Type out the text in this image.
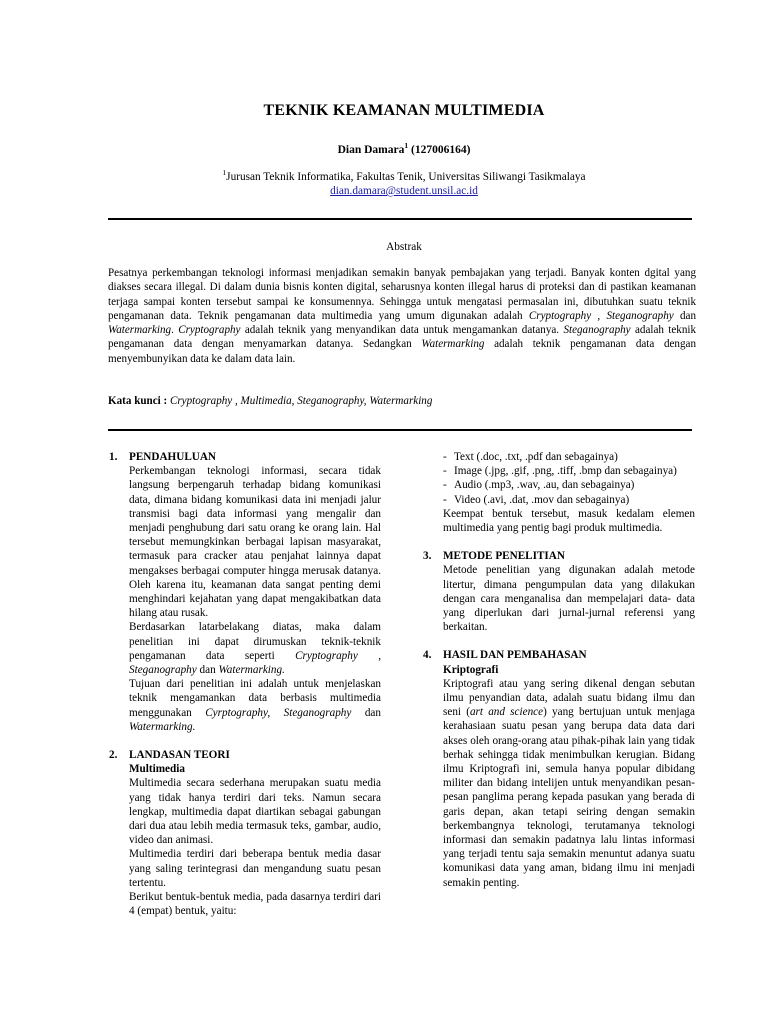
TEKNIK KEAMANAN MULTIMEDIA
Dian Damara$^1$ (127006164)
$^1$Jurusan Teknik Informatika, Fakultas Tenik, Universitas Siliwangi Tasikmalaya
dian.damara@student.unsil.ac.id
Abstrak
Pesatnya perkembangan teknologi informasi menjadikan semakin banyak pembajakan yang terjadi. Banyak konten dgital yang diakses secara illegal. Di dalam dunia bisnis konten digital, seharusnya konten illegal harus di proteksi dan di pastikan keamanan terjaga sampai konten tersebut sampai ke konsumennya. Sehingga untuk mengatasi permasalan ini, dibutuhkan suatu teknik pengamanan data. Teknik pengamanan data multimedia yang umum digunakan adalah Cryptography , Steganography dan Watermarking. Cryptography adalah teknik yang menyandikan data untuk mengamankan datanya. Steganography adalah teknik pengamanan data dengan menyamarkan datanya. Sedangkan Watermarking adalah teknik pengamanan data dengan menyembunyikan data ke dalam data lain.
Kata kunci : Cryptography , Multimedia, Steganography, Watermarking
1.	PENDAHULUAN

Perkembangan teknologi informasi, secara tidak langsung berpengaruh terhadap bidang komunikasi data, dimana bidang komunikasi data ini menjadi jalur transmisi bagi data informasi yang mengalir dan menjadi penghubung dari satu orang ke orang lain. Hal tersebut memungkinkan berbagai lapisan masyarakat, termasuk para cracker atau penjahat lainnya dapat mengakses berbagai computer hingga merusak datanya. Oleh karena itu, keamanan data sangat penting demi menghindari kejahatan yang dapat mengakibatkan data hilang atau rusak.

Berdasarkan latarbelakang diatas, maka dalam penelitian ini dapat dirumuskan teknik-teknik pengamanan data seperti Cryptography , Steganography dan Watermarking.

Tujuan dari penelitian ini adalah untuk menjelaskan teknik mengamankan data berbasis multimedia menggunakan Cyrptography, Steganography dan Watermarking.

2.	LANDASAN TEORI
Multimedia

Multimedia secara sederhana merupakan suatu media yang tidak hanya terdiri dari teks. Namun secara lengkap, multimedia dapat diartikan sebagai gabungan dari dua atau lebih media termasuk teks, gambar, audio, video dan animasi.

Multimedia terdiri dari beberapa bentuk media dasar yang saling terintegrasi dan mengandung suatu pesan tertentu.

Berikut bentuk-bentuk media, pada dasarnya terdiri dari 4 (empat) bentuk, yaitu:

- Text (.doc, .txt, .pdf dan sebagainya)
- Image (.jpg, .gif, .png, .tiff, .bmp dan sebagainya)
- Audio (.mp3, .wav, .au, dan sebagainya)
- Video (.avi, .dat, .mov dan sebagainya)

Keempat bentuk tersebut, masuk kedalam elemen multimedia yang pentig bagi produk multimedia.

3.	METODE PENELITIAN

Metode penelitian yang digunakan adalah metode litertur, dimana pengumpulan data yang dilakukan dengan cara menganalisa dan mempelajari data- data yang diperlukan dari jurnal-jurnal referensi yang berkaitan.

4.	HASIL DAN PEMBAHASAN
Kriptografi

Kriptografi atau yang sering dikenal dengan sebutan ilmu penyandian data, adalah suatu bidang ilmu dan seni (art and science) yang bertujuan untuk menjaga kerahasiaan suatu pesan yang berupa data data dari akses oleh orang-orang atau pihak-pihak lain yang tidak berhak sehingga tidak menimbulkan kerugian. Bidang ilmu Kriptografi ini, semula hanya popular dibidang militer dan bidang intelijen untuk menyandikan pesan-pesan panglima perang kepada pasukan yang berada di garis depan, akan tetapi seiring dengan semakin berkembangnya teknologi, terutamanya teknologi informasi dan semakin padatnya lalu lintas informasi yang terjadi tentu saja semakin menuntut adanya suatu komunikasi data yang aman, bidang ilmu ini menjadi semakin penting.
